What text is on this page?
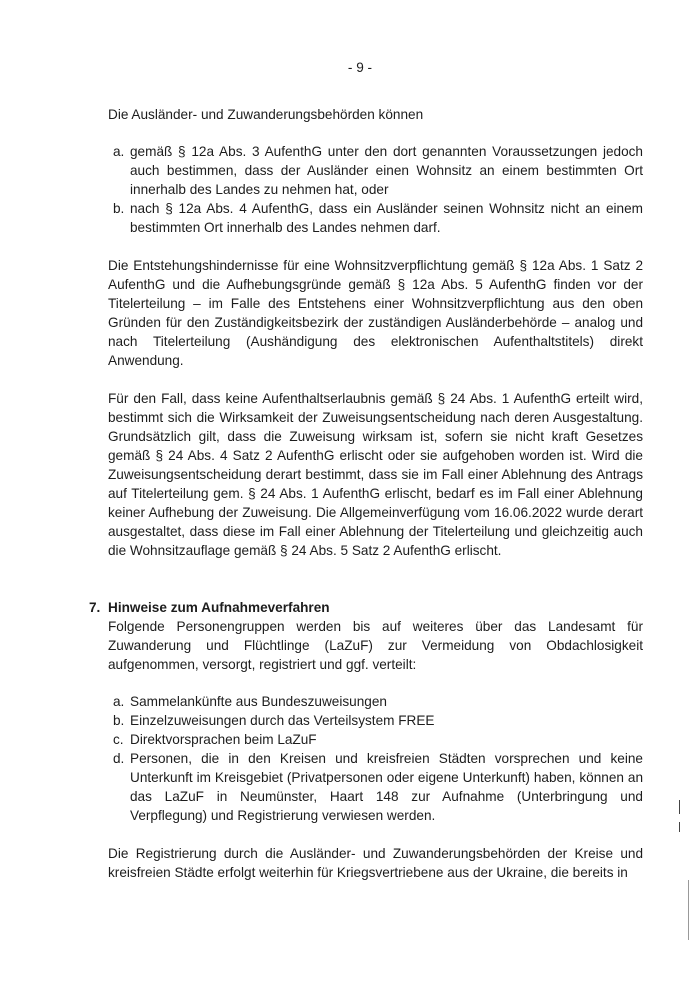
- 9 -

Die Ausländer- und Zuwanderungsbehörden können

a. gemäß § 12a Abs. 3 AufenthG unter den dort genannten Voraussetzungen jedoch auch bestimmen, dass der Ausländer einen Wohnsitz an einem bestimmten Ort innerhalb des Landes zu nehmen hat, oder
b. nach § 12a Abs. 4 AufenthG, dass ein Ausländer seinen Wohnsitz nicht an einem bestimmten Ort innerhalb des Landes nehmen darf.

Die Entstehungshindernisse für eine Wohnsitzverpflichtung gemäß § 12a Abs. 1 Satz 2 AufenthG und die Aufhebungsgründe gemäß § 12a Abs. 5 AufenthG finden vor der Titelerteilung – im Falle des Entstehens einer Wohnsitzverpflichtung aus den oben Gründen für den Zuständigkeitsbezirk der zuständigen Ausländerbehörde – analog und nach Titelerteilung (Aushändigung des elektronischen Aufenthaltstitels) direkt Anwendung.

Für den Fall, dass keine Aufenthaltserlaubnis gemäß § 24 Abs. 1 AufenthG erteilt wird, bestimmt sich die Wirksamkeit der Zuweisungsentscheidung nach deren Ausgestaltung. Grundsätzlich gilt, dass die Zuweisung wirksam ist, sofern sie nicht kraft Gesetzes gemäß § 24 Abs. 4 Satz 2 AufenthG erlischt oder sie aufgehoben worden ist. Wird die Zuweisungsentscheidung derart bestimmt, dass sie im Fall einer Ablehnung des Antrags auf Titelerteilung gem. § 24 Abs. 1 AufenthG erlischt, bedarf es im Fall einer Ablehnung keiner Aufhebung der Zuweisung. Die Allgemeinverfügung vom 16.06.2022 wurde derart ausgestaltet, dass diese im Fall einer Ablehnung der Titelerteilung und gleichzeitig auch die Wohnsitzauflage gemäß § 24 Abs. 5 Satz 2 AufenthG erlischt.

7. Hinweise zum Aufnahmeverfahren

Folgende Personengruppen werden bis auf weiteres über das Landesamt für Zuwanderung und Flüchtlinge (LaZuF) zur Vermeidung von Obdachlosigkeit aufgenommen, versorgt, registriert und ggf. verteilt:

a. Sammelankünfte aus Bundeszuweisungen
b. Einzelzuweisungen durch das Verteilsystem FREE
c. Direktvorsprachen beim LaZuF
d. Personen, die in den Kreisen und kreisfreien Städten vorsprechen und keine Unterkunft im Kreisgebiet (Privatpersonen oder eigene Unterkunft) haben, können an das LaZuF in Neumünster, Haart 148 zur Aufnahme (Unterbringung und Verpflegung) und Registrierung verwiesen werden.

Die Registrierung durch die Ausländer- und Zuwanderungsbehörden der Kreise und kreisfreien Städte erfolgt weiterhin für Kriegsvertriebene aus der Ukraine, die bereits in
